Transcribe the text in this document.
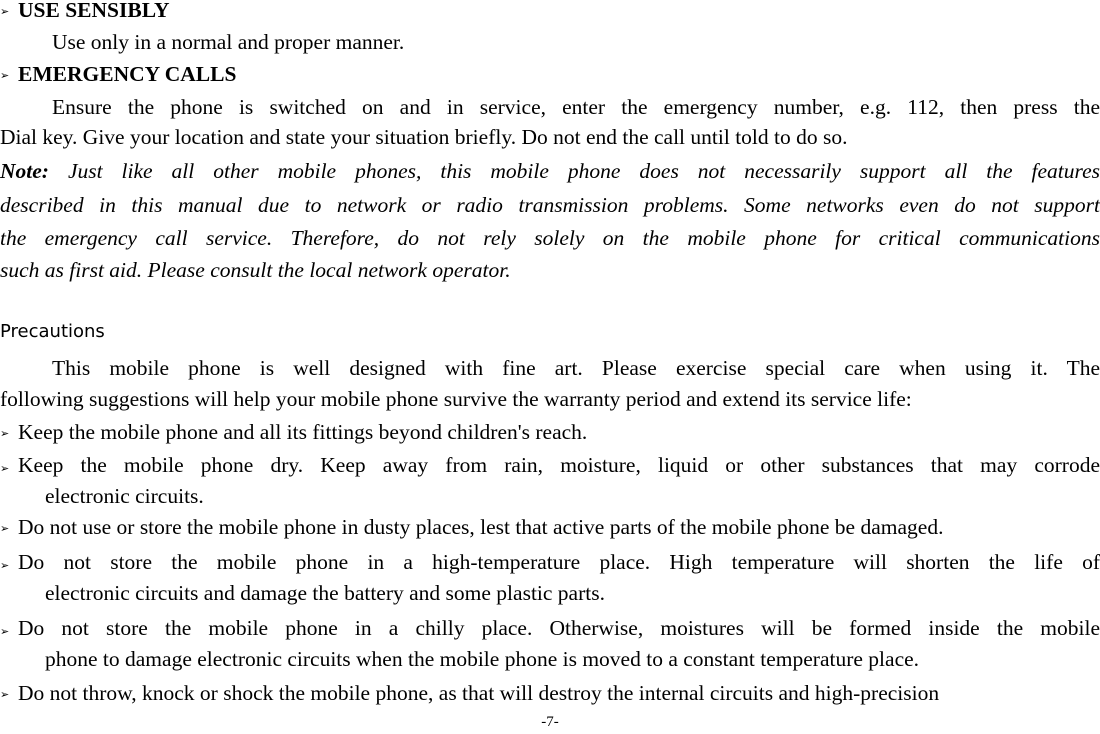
➢ USE SENSIBLY
Use only in a normal and proper manner.
➢ EMERGENCY CALLS
Ensure the phone is switched on and in service, enter the emergency number, e.g. 112, then press the
Dial key. Give your location and state your situation briefly. Do not end the call until told to do so.
Note: Just like all other mobile phones, this mobile phone does not necessarily support all the features
described in this manual due to network or radio transmission problems. Some networks even do not support
the emergency call service. Therefore, do not rely solely on the mobile phone for critical communications
such as first aid. Please consult the local network operator.
Precautions
This mobile phone is well designed with fine art. Please exercise special care when using it. The
following suggestions will help your mobile phone survive the warranty period and extend its service life:
➢ Keep the mobile phone and all its fittings beyond children's reach.
➢ Keep the mobile phone dry. Keep away from rain, moisture, liquid or other substances that may corrode
electronic circuits.
➢ Do not use or store the mobile phone in dusty places, lest that active parts of the mobile phone be damaged.
➢ Do not store the mobile phone in a high-temperature place. High temperature will shorten the life of
electronic circuits and damage the battery and some plastic parts.
➢ Do not store the mobile phone in a chilly place. Otherwise, moistures will be formed inside the mobile
phone to damage electronic circuits when the mobile phone is moved to a constant temperature place.
➢ Do not throw, knock or shock the mobile phone, as that will destroy the internal circuits and high-precision
-7-
